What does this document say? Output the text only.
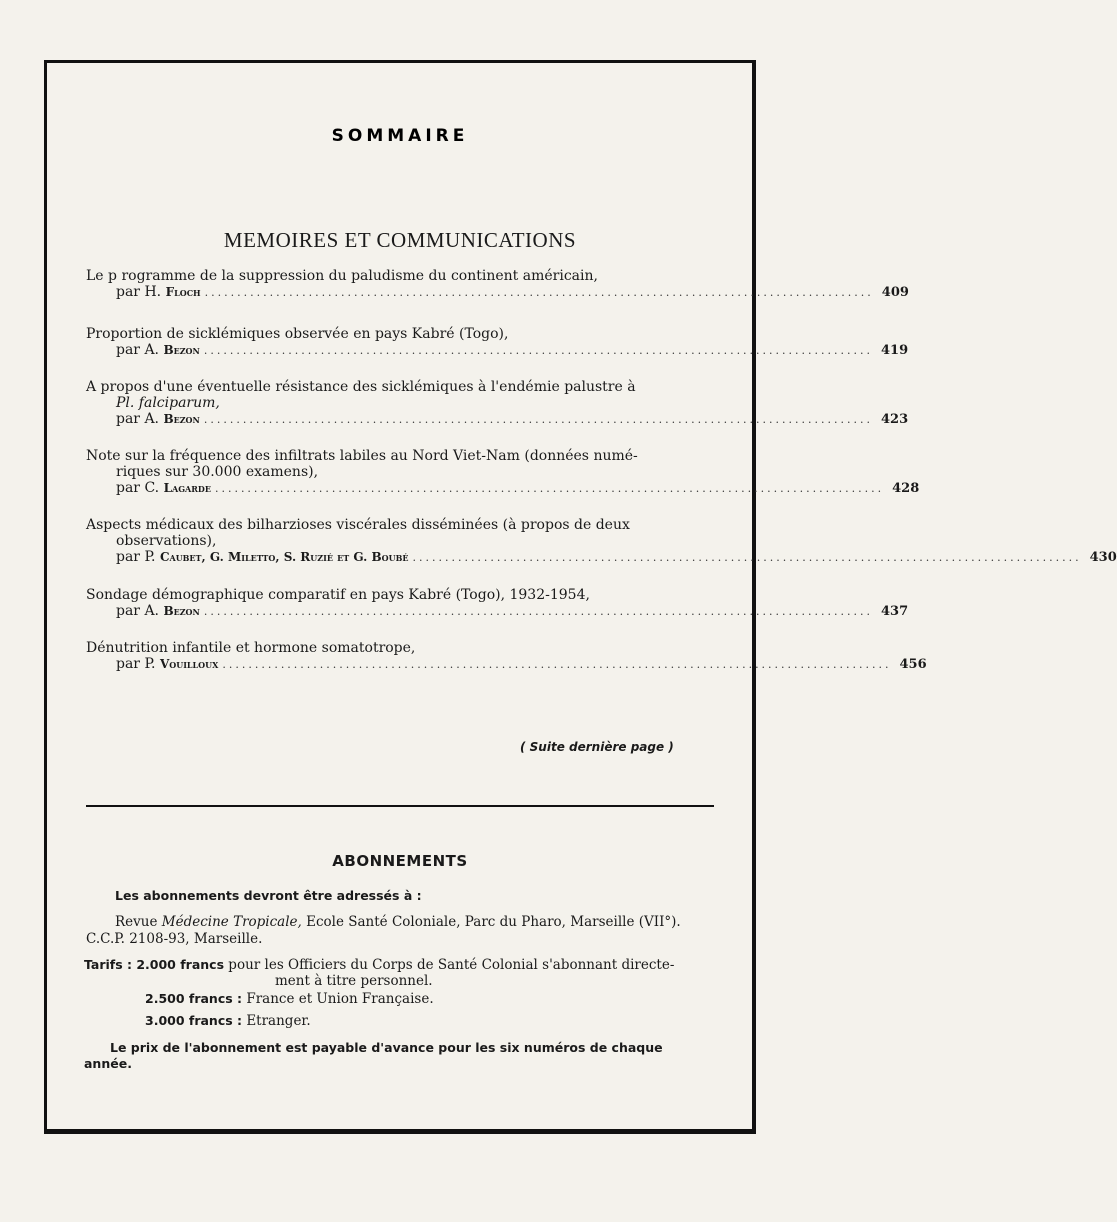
SOMMAIRE
MEMOIRES ET COMMUNICATIONS
Le p rogramme de la suppression du paludisme du continent américain,
par H.
Floch ....................................................................................................... 409
Proportion de sicklémiques observée en pays Kabré (Togo),
par A.
Bezon ....................................................................................................... 419
A propos d'une éventuelle résistance des sicklémiques à l'endémie palustre à
Pl. falciparum,
par A.
Bezon ....................................................................................................... 423
Note sur la fréquence des infiltrats labiles au Nord Viet-Nam (données numé-
riques sur 30.000 examens),
par C.
Lagarde ....................................................................................................... 428
Aspects médicaux des bilharzioses viscérales disséminées (à propos de deux
observations),
par P.
Caubet, G. Miletto, S. Ruzié et G. Boubé ....................................................................................................... 430
Sondage démographique comparatif en pays Kabré (Togo), 1932-1954,
par A.
Bezon ....................................................................................................... 437
Dénutrition infantile et hormone somatotrope,
par P.
Vouilloux ....................................................................................................... 456
( Suite dernière page )
ABONNEMENTS
Les abonnements devront être adressés à :
Revue Médecine Tropicale, Ecole Santé Coloniale, Parc du Pharo, Marseille (VII°).
C.C.P. 2108-93, Marseille.
Tarifs : 2.000 francs pour les Officiers du Corps de Santé Colonial s'abonnant directe-
ment à titre personnel.
2.500 francs : France et Union Française.
3.000 francs : Etranger.
Le prix de l'abonnement est payable d'avance pour les six numéros de chaque
année.
